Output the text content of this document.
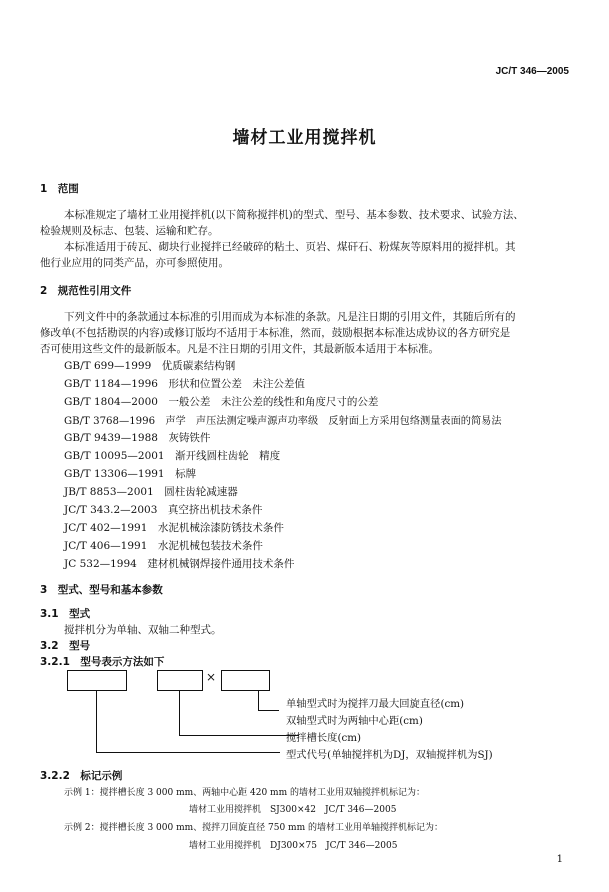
JC/T 346—2005
墙材工业用搅拌机
1　范围
本标准规定了墙材工业用搅拌机(以下简称搅拌机)的型式、型号、基本参数、技术要求、试验方法、
检验规则及标志、包装、运输和贮存。
本标准适用于砖瓦、砌块行业搅拌已经破碎的粘土、页岩、煤矸石、粉煤灰等原料用的搅拌机。其
他行业应用的同类产品，亦可参照使用。
2　规范性引用文件
下列文件中的条款通过本标准的引用而成为本标准的条款。凡是注日期的引用文件，其随后所有的
修改单(不包括勘误的内容)或修订版均不适用于本标准，然而，鼓励根据本标准达成协议的各方研究是
否可使用这些文件的最新版本。凡是不注日期的引用文件，其最新版本适用于本标准。
GB/T 699—1999　 优质碳素结构钢
GB/T 1184—1996　 形状和位置公差　未注公差值
GB/T 1804—2000　 一般公差　未注公差的线性和角度尺寸的公差
GB/T 3768—1996　 声学　声压法测定噪声源声功率级　反射面上方采用包络测量表面的简易法
GB/T 9439—1988　 灰铸铁件
GB/T 10095—2001　 渐开线圆柱齿轮　精度
GB/T 13306—1991　 标牌
JB/T 8853—2001　 圆柱齿轮减速器
JC/T 343.2—2003　 真空挤出机技术条件
JC/T 402—1991　 水泥机械涂漆防锈技术条件
JC/T 406—1991　 水泥机械包装技术条件
JC 532—1994　 建材机械钢焊接件通用技术条件
3　型式、型号和基本参数
3.1　型式
搅拌机分为单轴、双轴二种型式。
3.2　型号
3.2.1　型号表示方法如下
×
单轴型式时为搅拌刀最大回旋直径(cm)
双轴型式时为两轴中心距(cm)
搅拌槽长度(cm)
型式代号(单轴搅拌机为DJ，双轴搅拌机为SJ)
3.2.2　标记示例
示例 1：搅拌槽长度 3 000 mm、两轴中心距 420 mm 的墙材工业用双轴搅拌机标记为：
墙材工业用搅拌机　SJ300×42　JC/T 346—2005
示例 2：搅拌槽长度 3 000 mm、搅拌刀回旋直径 750 mm 的墙材工业用单轴搅拌机标记为：
墙材工业用搅拌机　DJ300×75　JC/T 346—2005
1
